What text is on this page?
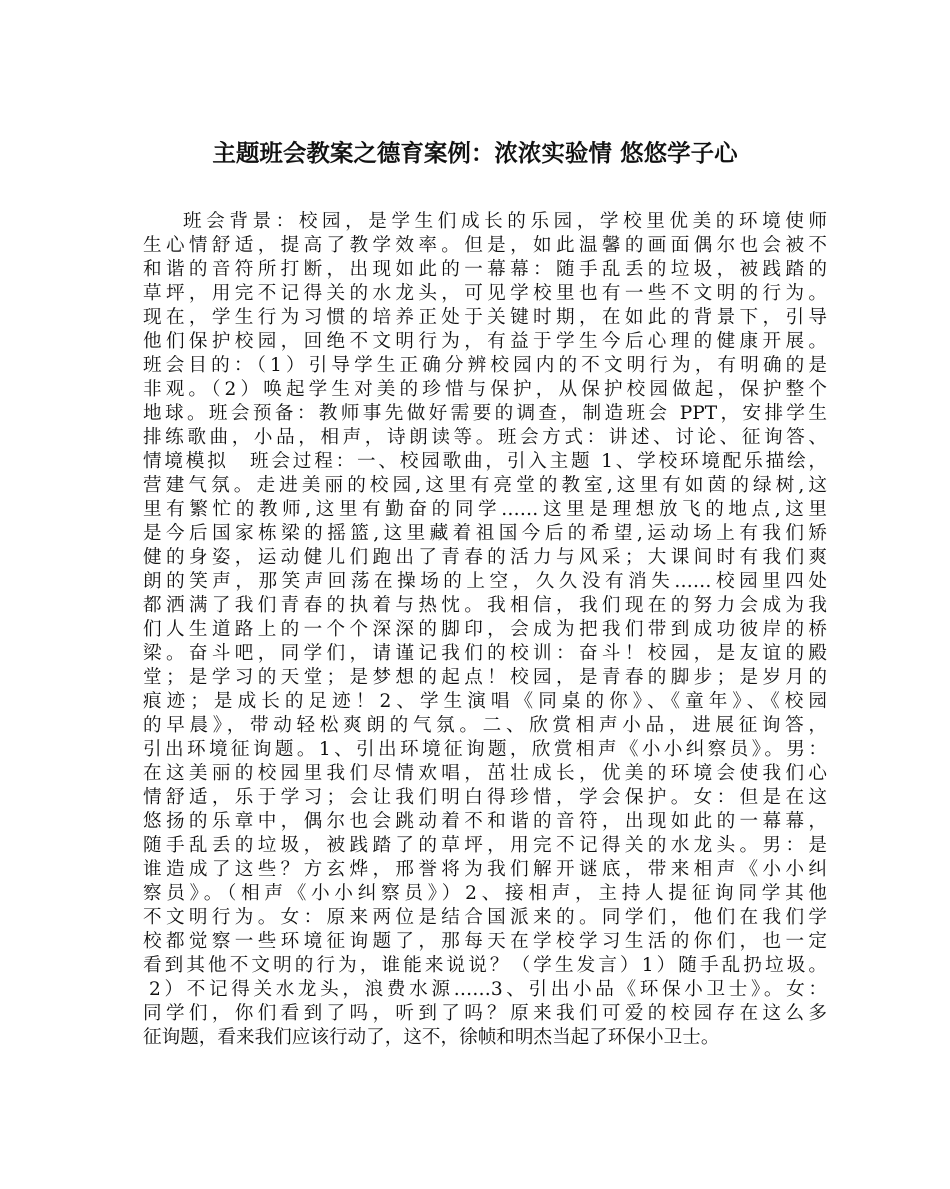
主题班会教案之德育案例：浓浓实验情 悠悠学子心
班会背景：校园，是学生们成长的乐园，学校里优美的环境使师
生心情舒适，提高了教学效率。但是，如此温馨的画面偶尔也会被不
和谐的音符所打断，出现如此的一幕幕：随手乱丢的垃圾，被践踏的
草坪，用完不记得关的水龙头，可见学校里也有一些不文明的行为。
现在，学生行为习惯的培养正处于关键时期，在如此的背景下，引导
他们保护校园，回绝不文明行为，有益于学生今后心理的健康开展。
班会目的：（1）引导学生正确分辨校园内的不文明行为，有明确的是
非观。（2）唤起学生对美的珍惜与保护，从保护校园做起，保护整个
地球。班会预备：教师事先做好需要的调查，制造班会 PPT，安排学生
排练歌曲，小品，相声，诗朗读等。班会方式：讲述、讨论、征询答、
情境模拟　班会过程：一、校园歌曲，引入主题 1、学校环境配乐描绘，
营建气氛。走进美丽的校园,这里有亮堂的教室,这里有如茵的绿树,这
里有繁忙的教师,这里有勤奋的同学……这里是理想放飞的地点,这里
是今后国家栋梁的摇篮,这里藏着祖国今后的希望,运动场上有我们矫
健的身姿，运动健儿们跑出了青春的活力与风采；大课间时有我们爽
朗的笑声，那笑声回荡在操场的上空，久久没有消失……校园里四处
都洒满了我们青春的执着与热忱。我相信，我们现在的努力会成为我
们人生道路上的一个个深深的脚印，会成为把我们带到成功彼岸的桥
梁。奋斗吧，同学们，请谨记我们的校训：奋斗！校园，是友谊的殿
堂；是学习的天堂；是梦想的起点！校园，是青春的脚步；是岁月的
痕迹；是成长的足迹！2、学生演唱《同桌的你》、《童年》、《校园
的早晨》，带动轻松爽朗的气氛。二、欣赏相声小品，进展征询答，
引出环境征询题。1、引出环境征询题，欣赏相声《小小纠察员》。男：
在这美丽的校园里我们尽情欢唱，茁壮成长，优美的环境会使我们心
情舒适，乐于学习；会让我们明白得珍惜，学会保护。女：但是在这
悠扬的乐章中，偶尔也会跳动着不和谐的音符，出现如此的一幕幕，
随手乱丢的垃圾，被践踏了的草坪，用完不记得关的水龙头。男：是
谁造成了这些？方玄烨，邢誉将为我们解开谜底，带来相声《小小纠
察员》。（相声《小小纠察员》）2、接相声，主持人提征询同学其他
不文明行为。女：原来两位是结合国派来的。同学们，他们在我们学
校都觉察一些环境征询题了，那每天在学校学习生活的你们，也一定
看到其他不文明的行为，谁能来说说？（学生发言）1）随手乱扔垃圾。
2）不记得关水龙头，浪费水源……3、引出小品《环保小卫士》。女：
同学们，你们看到了吗，听到了吗？原来我们可爱的校园存在这么多
征询题，看来我们应该行动了，这不，徐帧和明杰当起了环保小卫士。
